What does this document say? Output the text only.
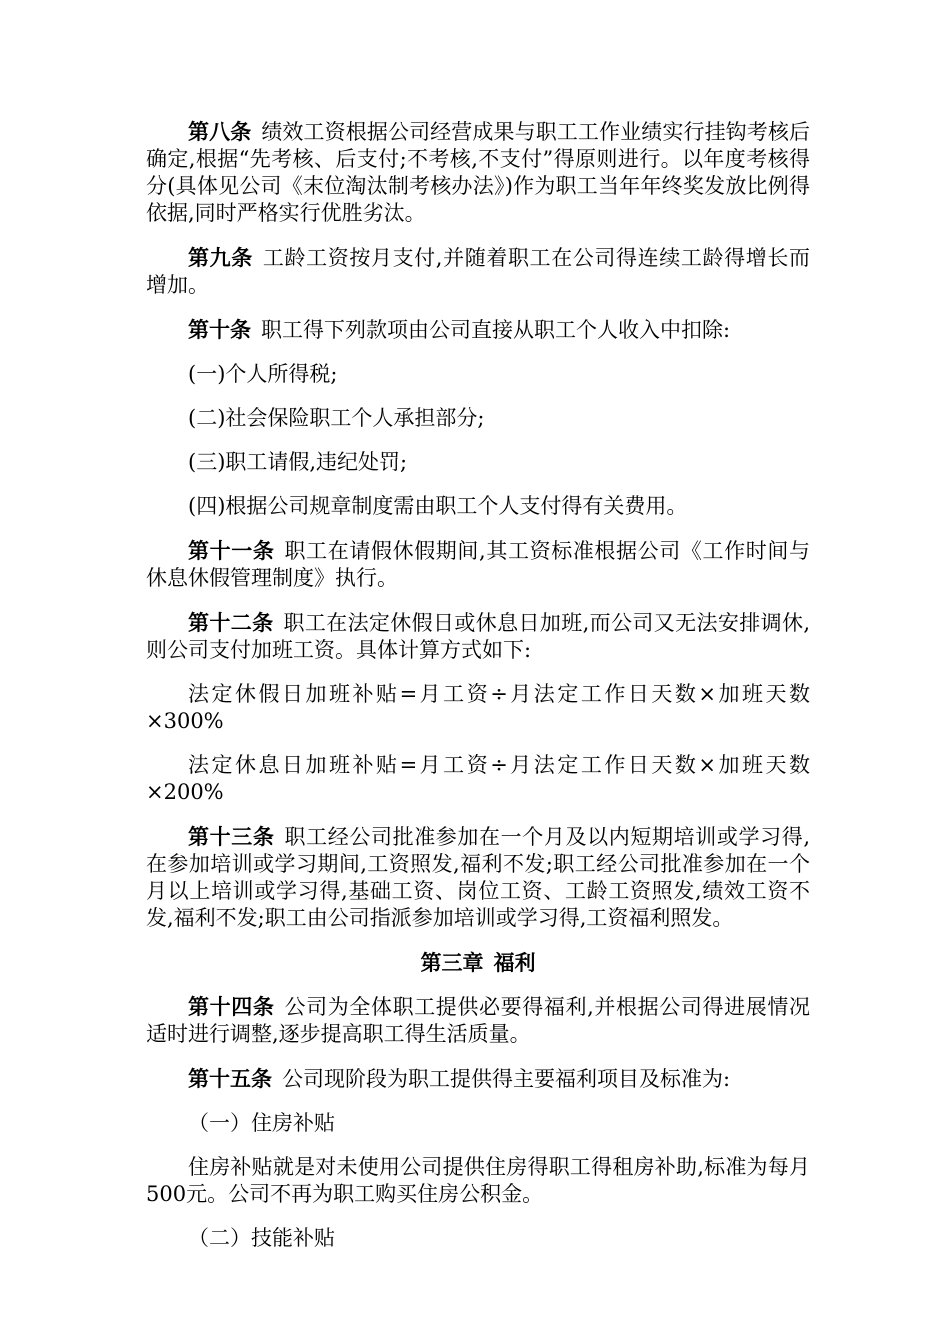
第八条 绩效工资根据公司经营成果与职工工作业绩实行挂钩考核后确定,根据“先考核、后支付;不考核,不支付”得原则进行。以年度考核得分(具体见公司《末位淘汰制考核办法》)作为职工当年年终奖发放比例得依据,同时严格实行优胜劣汰。

第九条 工龄工资按月支付,并随着职工在公司得连续工龄得增长而增加。

第十条 职工得下列款项由公司直接从职工个人收入中扣除:

(一)个人所得税;

(二)社会保险职工个人承担部分;

(三)职工请假,违纪处罚;

(四)根据公司规章制度需由职工个人支付得有关费用。

第十一条 职工在请假休假期间,其工资标准根据公司《工作时间与休息休假管理制度》执行。

第十二条 职工在法定休假日或休息日加班,而公司又无法安排调休,则公司支付加班工资。具体计算方式如下:

法定休假日加班补贴=月工资÷月法定工作日天数×加班天数×300%

法定休息日加班补贴=月工资÷月法定工作日天数×加班天数×200%

第十三条 职工经公司批准参加在一个月及以内短期培训或学习得,在参加培训或学习期间,工资照发,福利不发;职工经公司批准参加在一个月以上培训或学习得,基础工资、岗位工资、工龄工资照发,绩效工资不发,福利不发;职工由公司指派参加培训或学习得,工资福利照发。

第三章 福利

第十四条 公司为全体职工提供必要得福利,并根据公司得进展情况适时进行调整,逐步提高职工得生活质量。

第十五条 公司现阶段为职工提供得主要福利项目及标准为:

（一）住房补贴

住房补贴就是对未使用公司提供住房得职工得租房补助,标准为每月500元。公司不再为职工购买住房公积金。

（二）技能补贴
